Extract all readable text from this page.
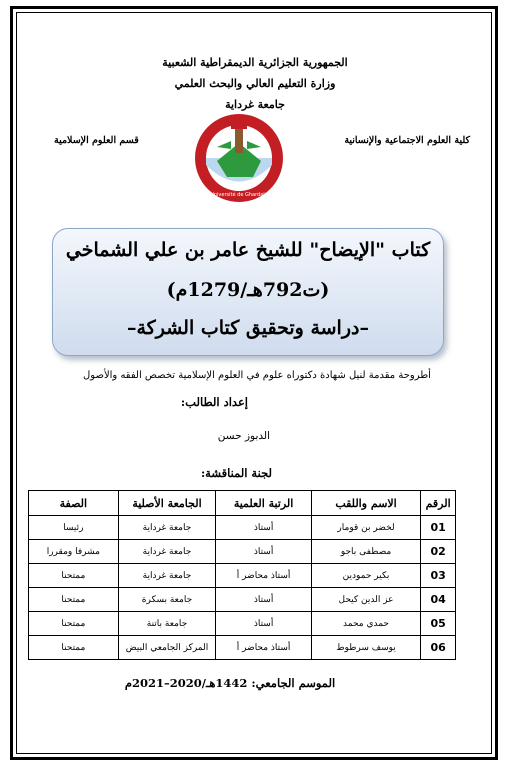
الجمهورية الجزائرية الديمقراطية الشعبية
وزارة التعليم العالي والبحث العلمي
جامعة غرداية
كلية العلوم الاجتماعية والإنسانية
قسم العلوم الإسلامية
Université de Ghardaïa
كتاب "الإيضاح" للشيخ عامر بن علي الشماخي
(ت792هـ/1279م)
–دراسة وتحقيق كتاب الشركة–
أطروحة مقدمة لنيل شهادة دكتوراه علوم في العلوم الإسلامية تخصص الفقه والأصول
إعداد الطالب:
الدبوز حسن
لجنة المناقشة:
الرقم	الاسم واللقب	الرتبة العلمية	الجامعة الأصلية	الصفة
01	لخضر بن قومار	أستاذ	جامعة غرداية	رئيسا
02	مصطفى باجو	أستاذ	جامعة غرداية	مشرفا ومقررا
03	بكير حمودين	أستاذ محاضر أ	جامعة غرداية	ممتحنا
04	عز الدين كيحل	أستاذ	جامعة بسكرة	ممتحنا
05	حمدي محمد	أستاذ	جامعة باتنة	ممتحنا
06	يوسف سرطوط	أستاذ محاضر أ	المركز الجامعي البيض	ممتحنا
الموسم الجامعي: 1442هـ/2020–2021م
